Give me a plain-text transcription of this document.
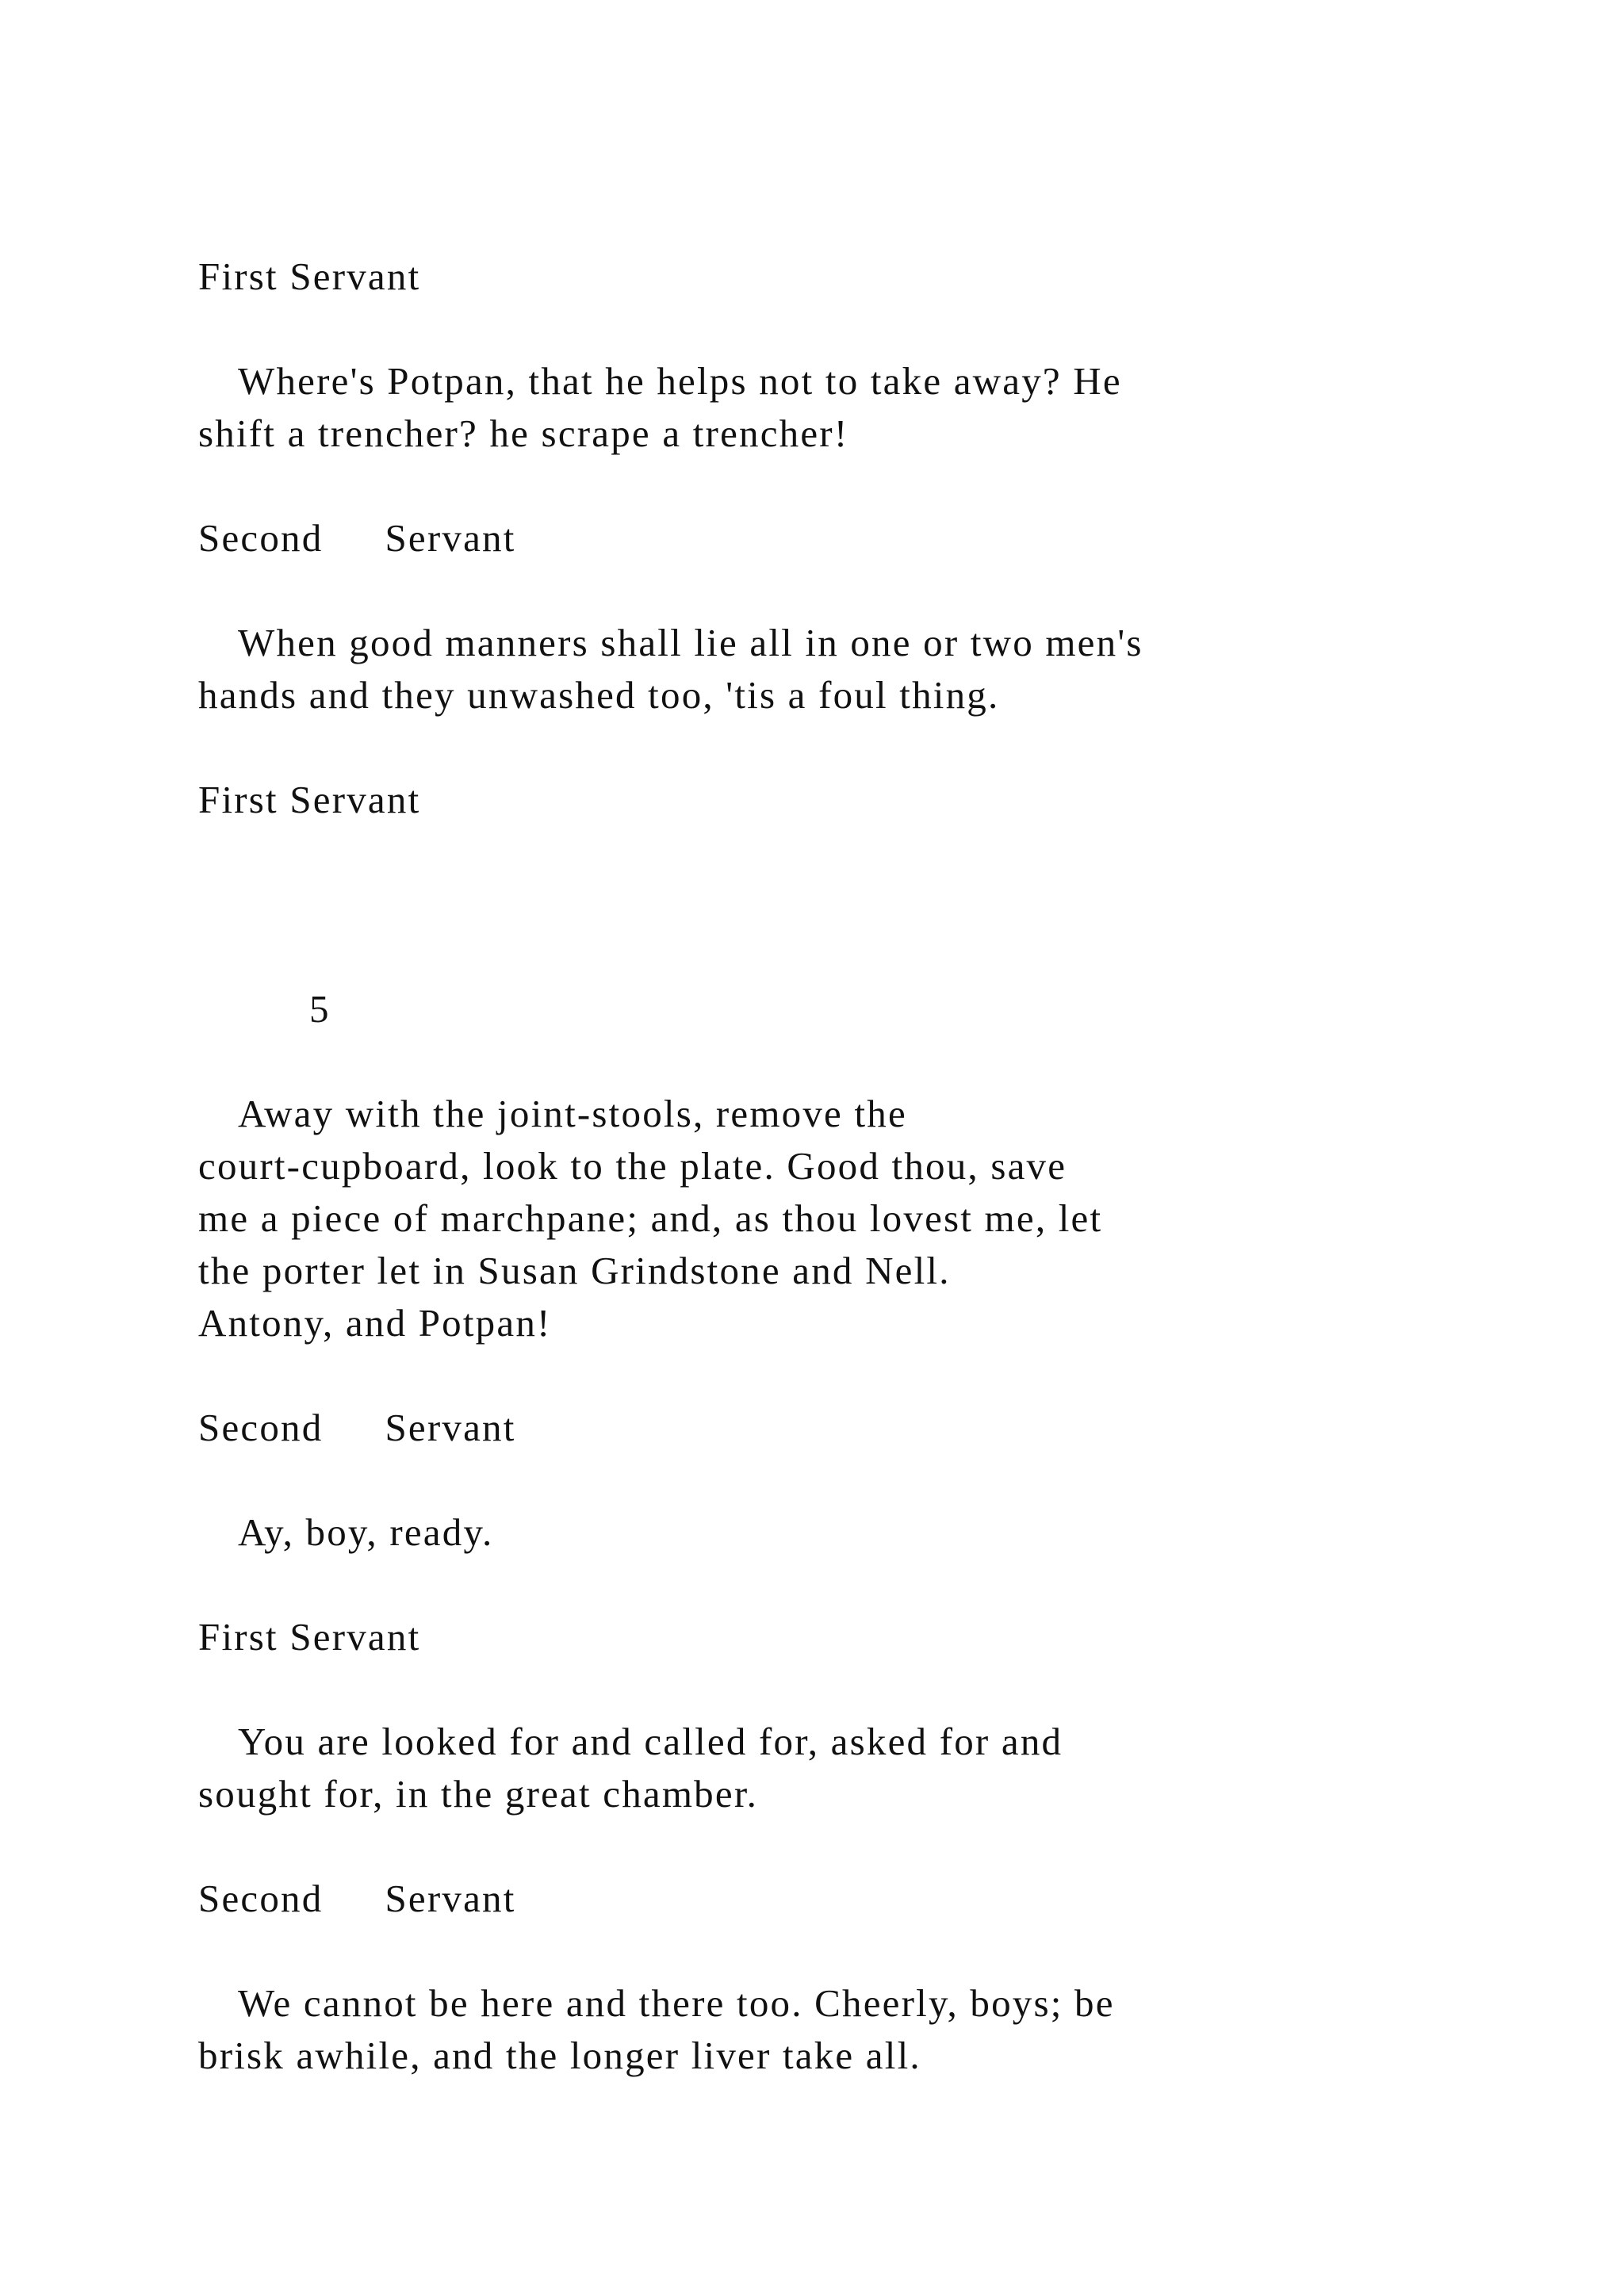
First Servant

Where's Potpan, that he helps not to take away? He

shift a trencher? he scrape a trencher!

Second Servant

When good manners shall lie all in one or two men's

hands and they unwashed too, 'tis a foul thing.

First Servant

5

Away with the joint-stools, remove the

court-cupboard, look to the plate. Good thou, save

me a piece of marchpane; and, as thou lovest me, let

the porter let in Susan Grindstone and Nell.

Antony, and Potpan!

Second Servant

Ay, boy, ready.

First Servant

You are looked for and called for, asked for and

sought for, in the great chamber.

Second Servant

We cannot be here and there too. Cheerly, boys; be

brisk awhile, and the longer liver take all.
